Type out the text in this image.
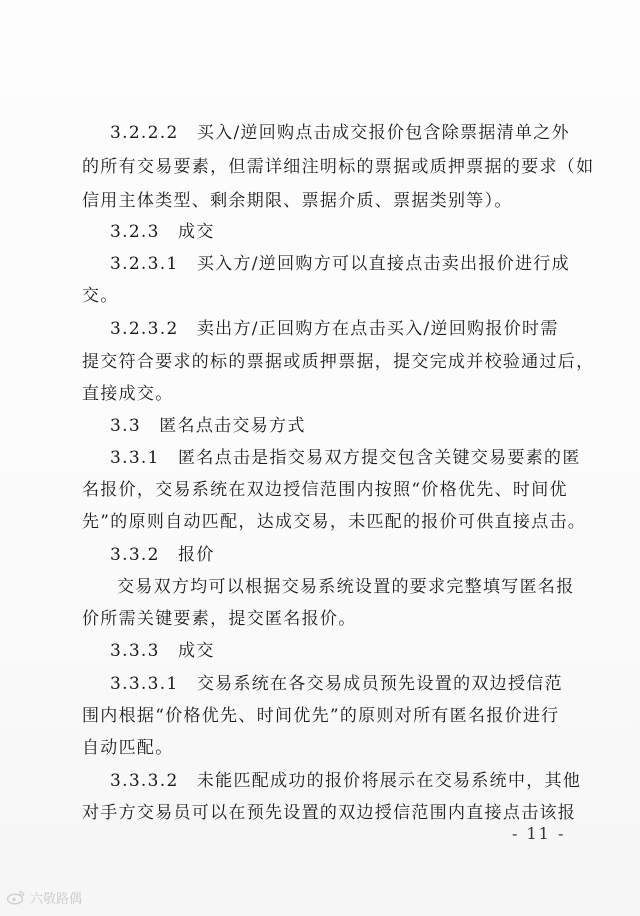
3.2.2.2　买入/逆回购点击成交报价包含除票据清单之外
的所有交易要素，但需详细注明标的票据或质押票据的要求（如
信用主体类型、剩余期限、票据介质、票据类别等）。
3.2.3　成交
3.2.3.1　买入方/逆回购方可以直接点击卖出报价进行成
交。
3.2.3.2　卖出方/正回购方在点击买入/逆回购报价时需
提交符合要求的标的票据或质押票据，提交完成并校验通过后，
直接成交。
3.3　匿名点击交易方式
3.3.1　匿名点击是指交易双方提交包含关键交易要素的匿
名报价，交易系统在双边授信范围内按照“价格优先、时间优
先”的原则自动匹配，达成交易，未匹配的报价可供直接点击。
3.3.2　报价
交易双方均可以根据交易系统设置的要求完整填写匿名报
价所需关键要素，提交匿名报价。
3.3.3　成交
3.3.3.1　交易系统在各交易成员预先设置的双边授信范
围内根据“价格优先、时间优先”的原则对所有匿名报价进行
自动匹配。
3.3.3.2　未能匹配成功的报价将展示在交易系统中，其他
对手方交易员可以在预先设置的双边授信范围内直接点击该报
- 11 -
六敬路偶
